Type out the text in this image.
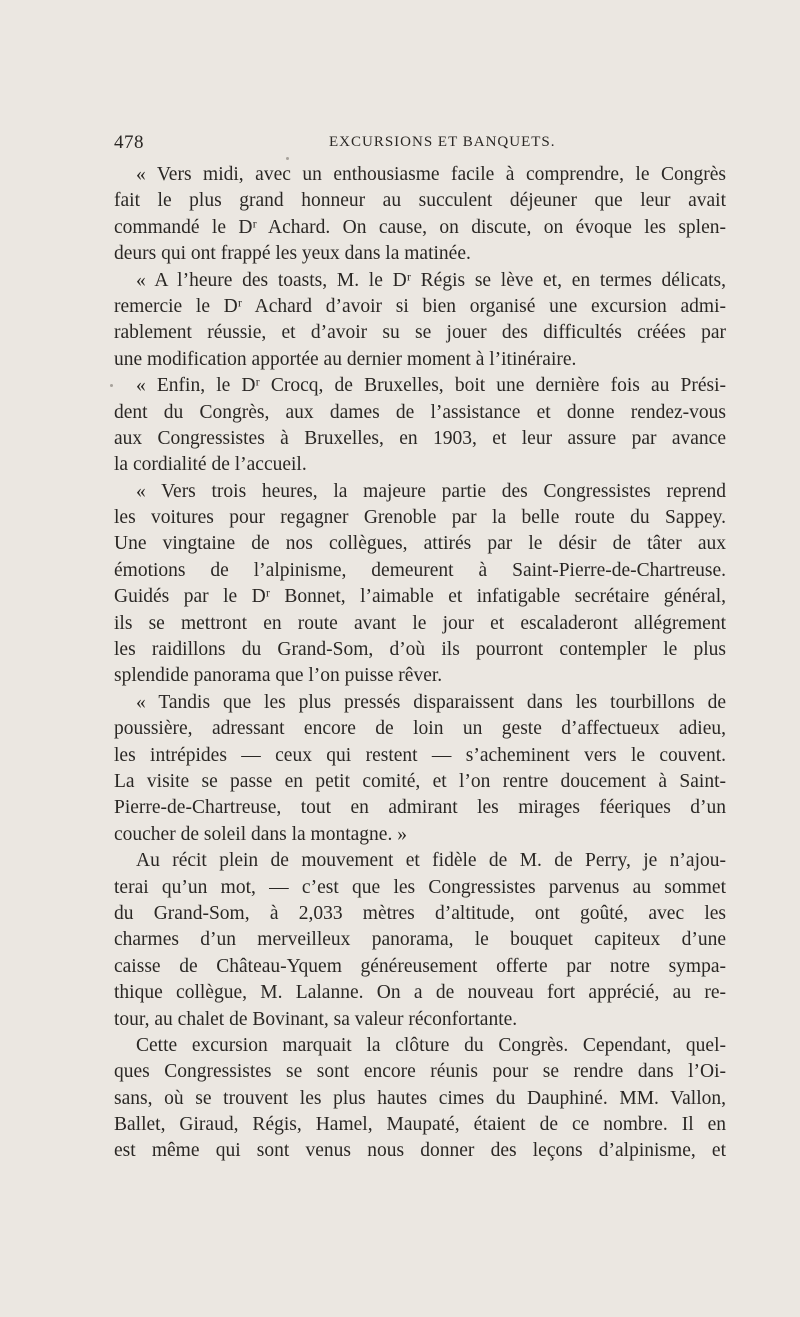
478	EXCURSIONS ET BANQUETS.
« Vers midi, avec un enthousiasme facile à comprendre, le Congrès
fait le plus grand honneur au succulent déjeuner que leur avait
commandé le Dʳ Achard. On cause, on discute, on évoque les splen-
deurs qui ont frappé les yeux dans la matinée.
« A l’heure des toasts, M. le Dʳ Régis se lève et, en termes délicats,
remercie le Dʳ Achard d’avoir si bien organisé une excursion admi-
rablement réussie, et d’avoir su se jouer des difficultés créées par
une modification apportée au dernier moment à l’itinéraire.
« Enfin, le Dʳ Crocq, de Bruxelles, boit une dernière fois au Prési-
dent du Congrès, aux dames de l’assistance et donne rendez-vous
aux Congressistes à Bruxelles, en 1903, et leur assure par avance
la cordialité de l’accueil.
« Vers trois heures, la majeure partie des Congressistes reprend
les voitures pour regagner Grenoble par la belle route du Sappey.
Une vingtaine de nos collègues, attirés par le désir de tâter aux
émotions de l’alpinisme, demeurent à Saint-Pierre-de-Chartreuse.
Guidés par le Dʳ Bonnet, l’aimable et infatigable secrétaire général,
ils se mettront en route avant le jour et escaladeront allégrement
les raidillons du Grand-Som, d’où ils pourront contempler le plus
splendide panorama que l’on puisse rêver.
« Tandis que les plus pressés disparaissent dans les tourbillons de
poussière, adressant encore de loin un geste d’affectueux adieu,
les intrépides — ceux qui restent — s’acheminent vers le couvent.
La visite se passe en petit comité, et l’on rentre doucement à Saint-
Pierre-de-Chartreuse, tout en admirant les mirages féeriques d’un
coucher de soleil dans la montagne. »
Au récit plein de mouvement et fidèle de M. de Perry, je n’ajou-
terai qu’un mot, — c’est que les Congressistes parvenus au sommet
du Grand-Som, à 2,033 mètres d’altitude, ont goûté, avec les
charmes d’un merveilleux panorama, le bouquet capiteux d’une
caisse de Château-Yquem généreusement offerte par notre sympa-
thique collègue, M. Lalanne. On a de nouveau fort apprécié, au re-
tour, au chalet de Bovinant, sa valeur réconfortante.
Cette excursion marquait la clôture du Congrès. Cependant, quel-
ques Congressistes se sont encore réunis pour se rendre dans l’Oi-
sans, où se trouvent les plus hautes cimes du Dauphiné. MM. Vallon,
Ballet, Giraud, Régis, Hamel, Maupaté, étaient de ce nombre. Il en
est même qui sont venus nous donner des leçons d’alpinisme, et
